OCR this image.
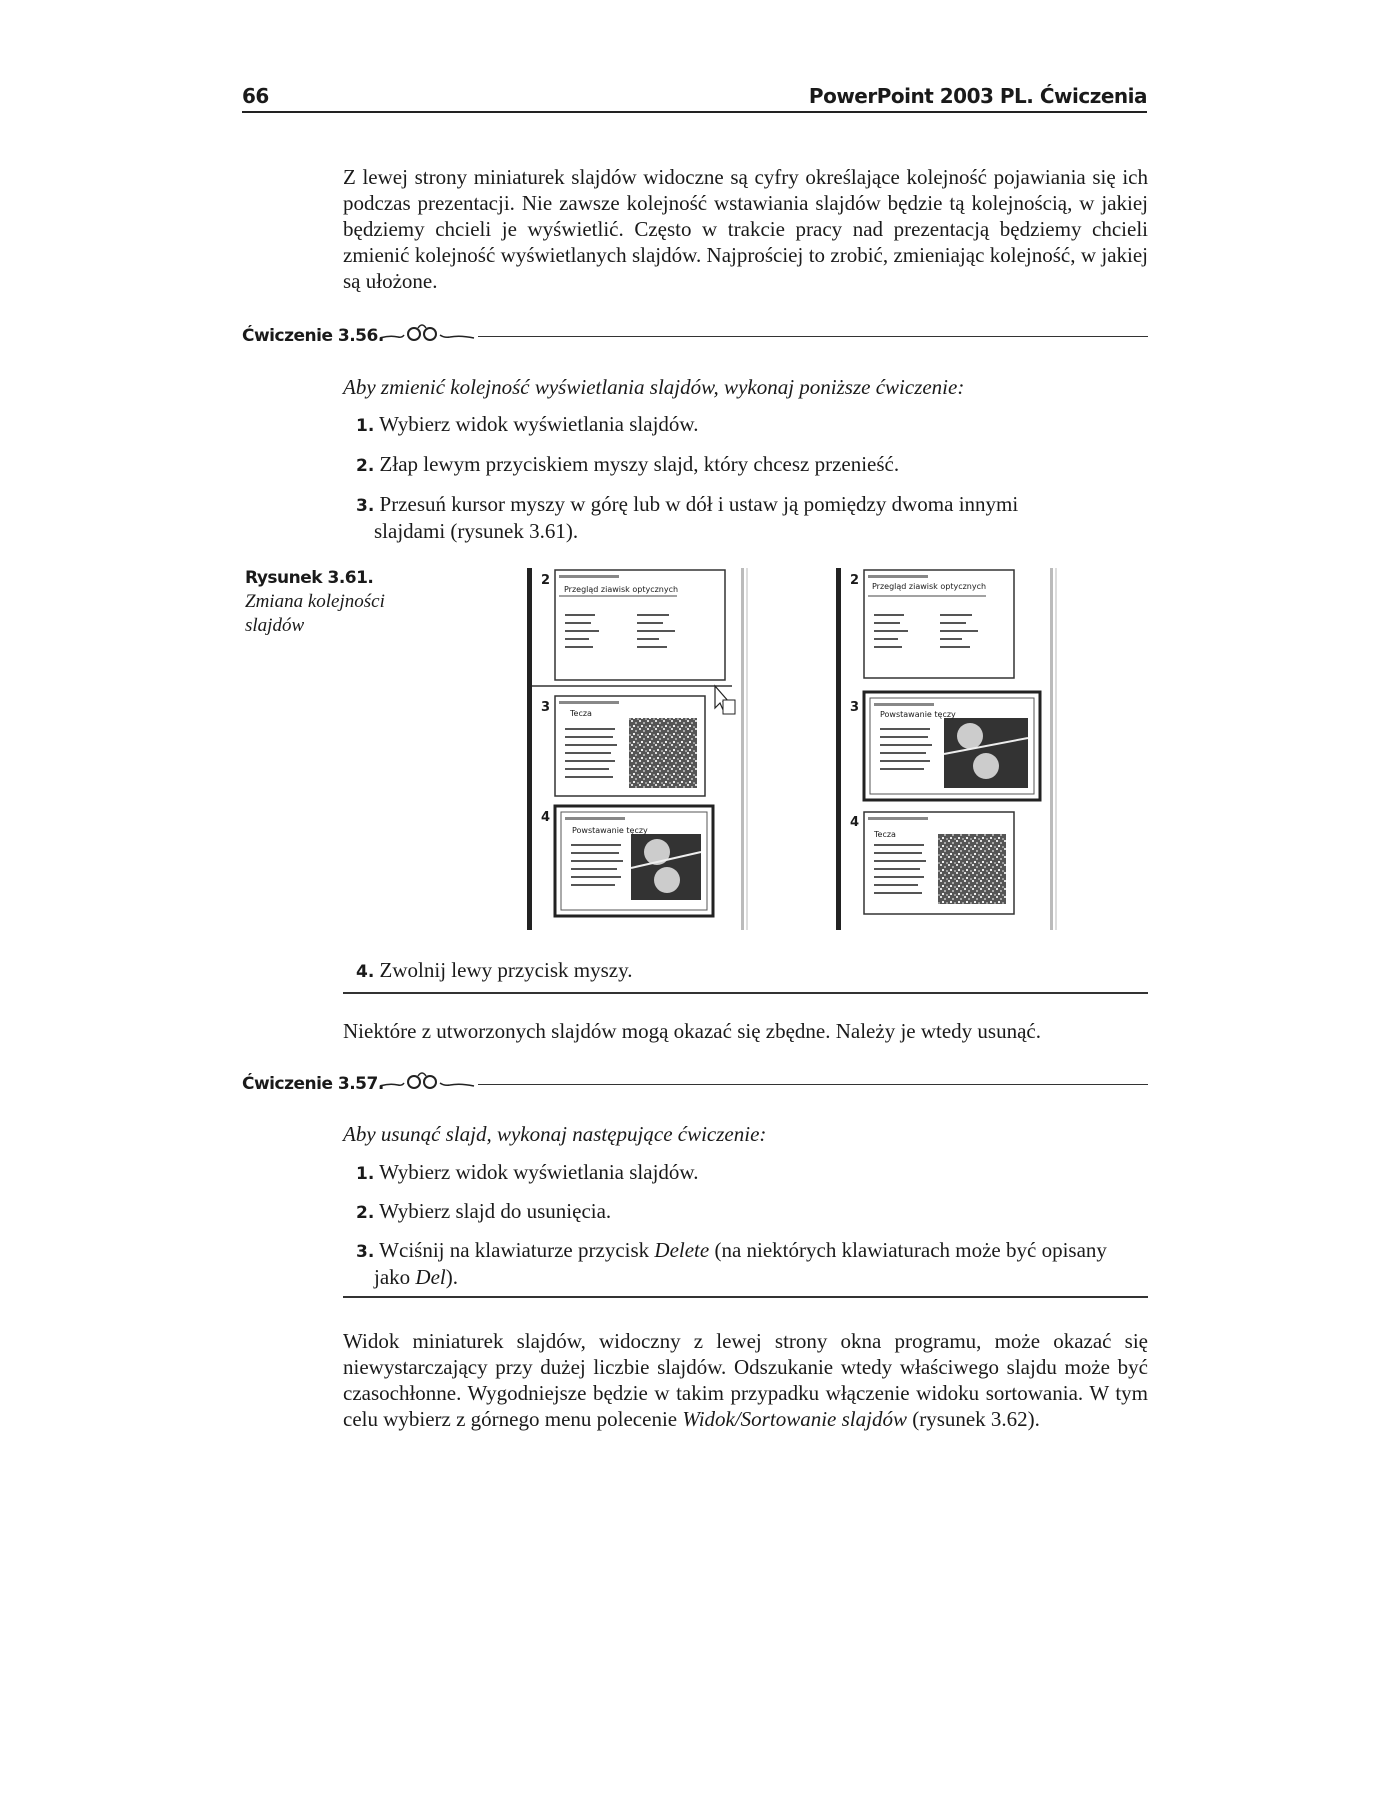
66	PowerPoint 2003 PL. Ćwiczenia
Z lewej strony miniaturek slajdów widoczne są cyfry określające kolejność pojawiania się ich podczas prezentacji. Nie zawsze kolejność wstawiania slajdów będzie tą kolejnością, w jakiej będziemy chcieli je wyświetlić. Często w trakcie pracy nad prezentacją będziemy chcieli zmienić kolejność wyświetlanych slajdów. Najprościej to zrobić, zmieniając kolejność, w jakiej są ułożone.
Ćwiczenie 3.56.
Aby zmienić kolejność wyświetlania slajdów, wykonaj poniższe ćwiczenie:
1. Wybierz widok wyświetlania slajdów.
2. Złap lewym przyciskiem myszy slajd, który chcesz przenieść.
3. Przesuń kursor myszy w górę lub w dół i ustaw ją pomiędzy dwoma innymi slajdami (rysunek 3.61).
Rysunek 3.61.
Zmiana kolejności slajdów
Przegląd ziawisk optycznych
Tecza
Powstawanie tęczy
2
3
4
Przegląd ziawisk optycznych
Powstawanie tęczy
Tecza
2
3
4
4. Zwolnij lewy przycisk myszy.
Niektóre z utworzonych slajdów mogą okazać się zbędne. Należy je wtedy usunąć.
Ćwiczenie 3.57.
Aby usunąć slajd, wykonaj następujące ćwiczenie:
1. Wybierz widok wyświetlania slajdów.
2. Wybierz slajd do usunięcia.
3. Wciśnij na klawiaturze przycisk Delete (na niektórych klawiaturach może być opisany jako Del).
Widok miniaturek slajdów, widoczny z lewej strony okna programu, może okazać się niewystarczający przy dużej liczbie slajdów. Odszukanie wtedy właściwego slajdu może być czasochłonne. Wygodniejsze będzie w takim przypadku włączenie widoku sortowania. W tym celu wybierz z górnego menu polecenie Widok/Sortowanie slajdów (rysunek 3.62).
